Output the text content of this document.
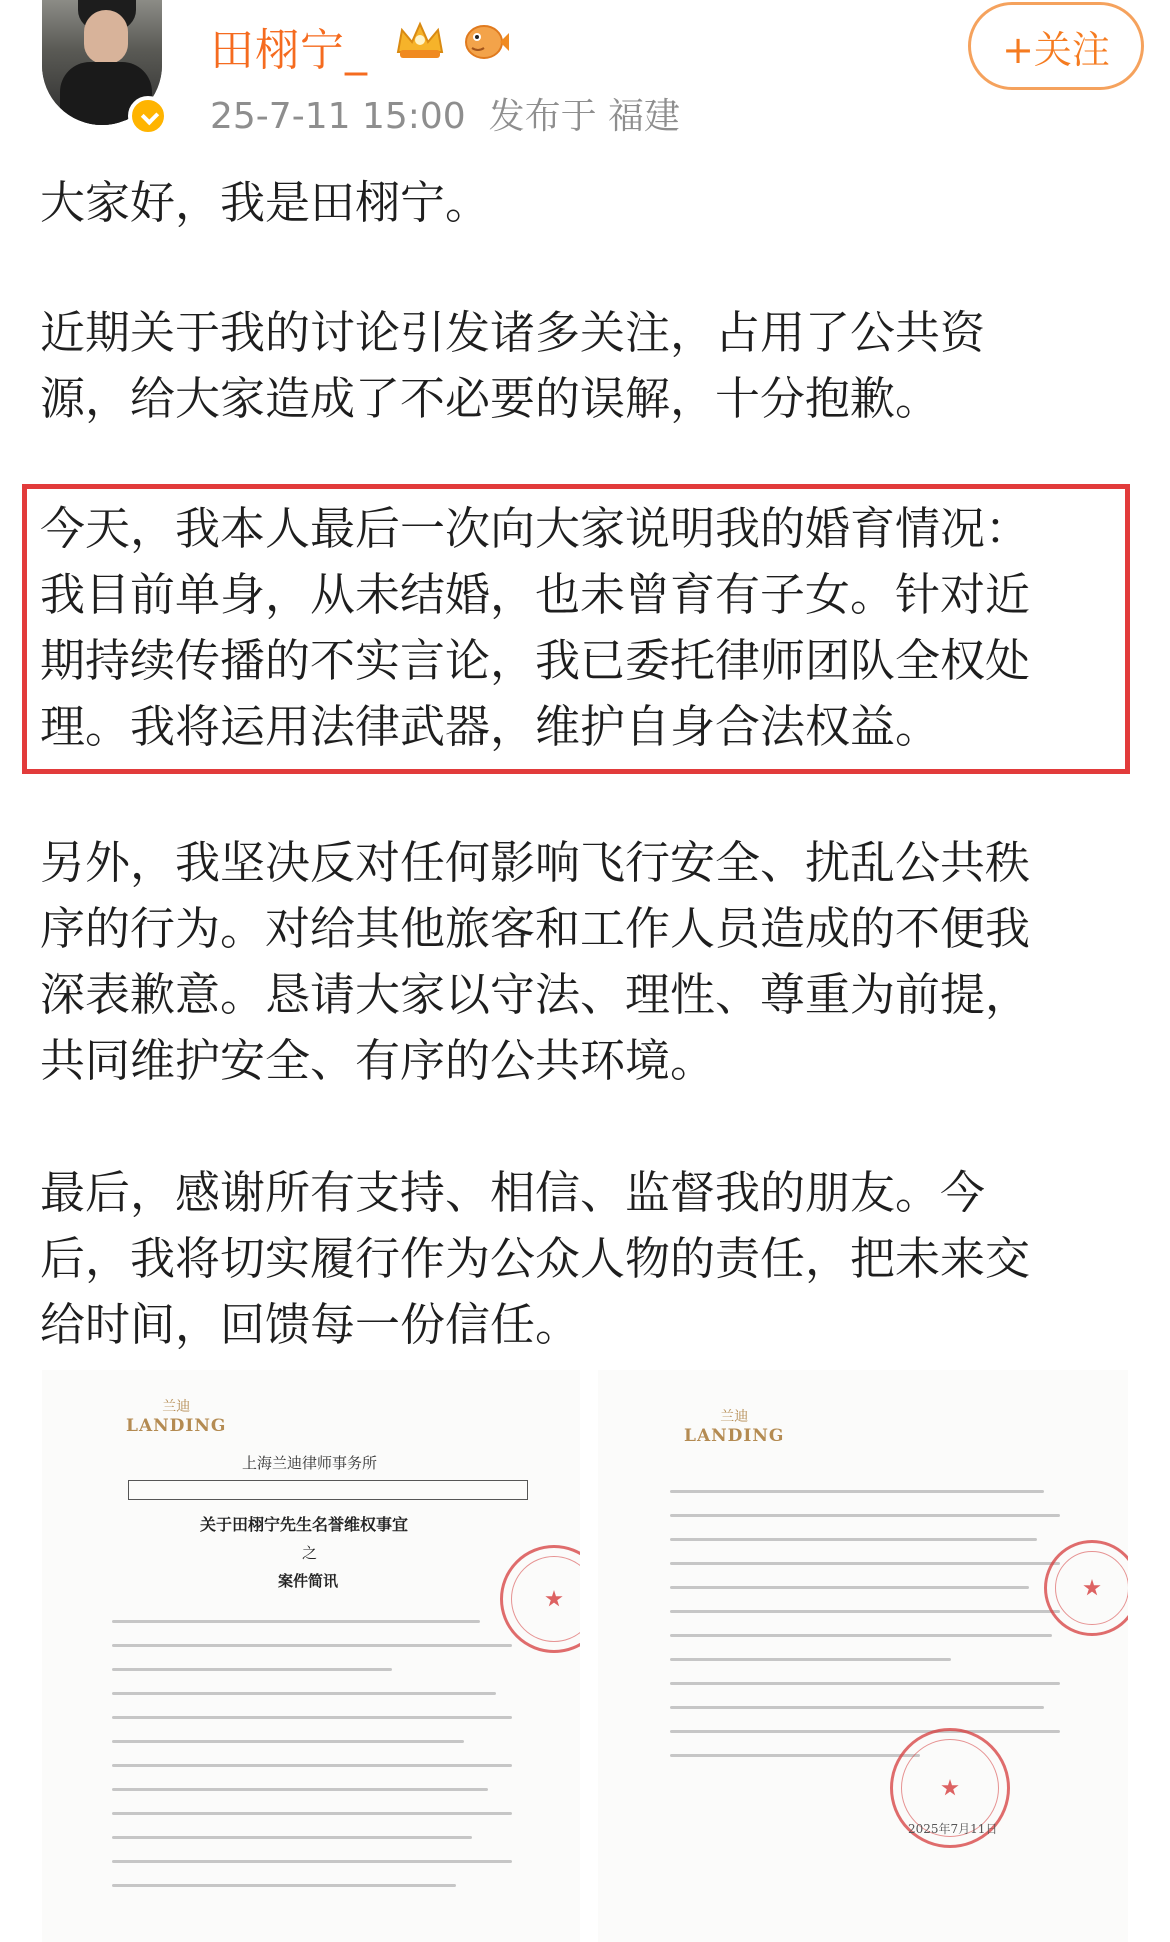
田栩宁_
25-7-11 15:00 发布于 福建
+关注
大家好，我是田栩宁。
近期关于我的讨论引发诸多关注，占用了公共资
源，给大家造成了不必要的误解，十分抱歉。
今天，我本人最后一次向大家说明我的婚育情况：
我目前单身，从未结婚，也未曾育有子女。针对近
期持续传播的不实言论，我已委托律师团队全权处
理。我将运用法律武器，维护自身合法权益。
另外，我坚决反对任何影响飞行安全、扰乱公共秩
序的行为。对给其他旅客和工作人员造成的不便我
深表歉意。恳请大家以守法、理性、尊重为前提，
共同维护安全、有序的公共环境。
最后，感谢所有支持、相信、监督我的朋友。今
后，我将切实履行作为公众人物的责任，把未来交
给时间，回馈每一份信任。
兰迪
LANDING
上海兰迪律师事务所
关于田栩宁先生名誉维权事宜
之
案件简讯
兰迪
LANDING
2025年7月11日
